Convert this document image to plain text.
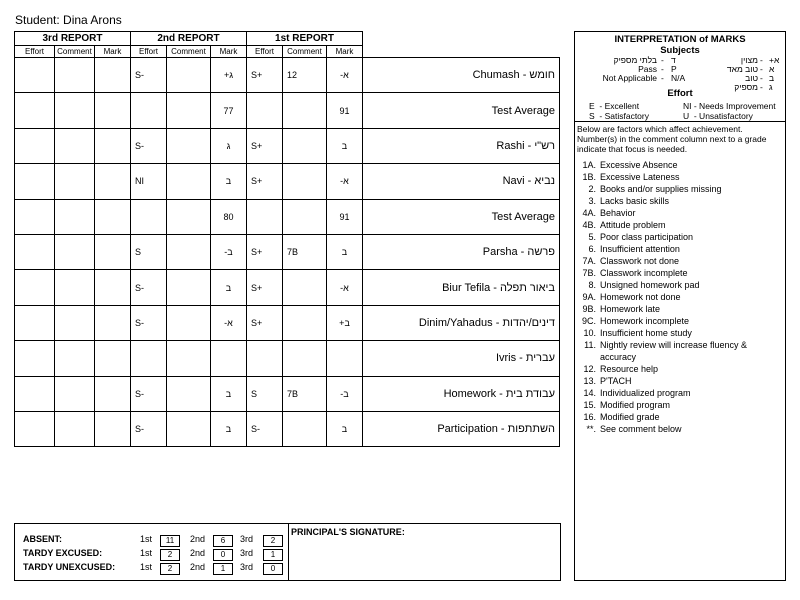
Student: Dina Arons
3rd REPORT			2nd REPORT			1st REPORT			
Effort	Comment	Mark	Effort	Comment	Mark	Effort	Comment	Mark	
			S-		+ג	S+	12	-א	Chumash - חומש
					77			91	Test Average
			S-		ג	S+		ב	Rashi - רש"י
			NI		ב	S+		-א	Navi - נביא
					80			91	Test Average
			S		-ב	S+	7B	ב	Parsha - פרשה
			S-		ב	S+		-א	Biur Tefila - ביאור תפלה
			S-		-א	S+		+ב	Dinim/Yahadus - דינים/יהדות
									Ivris - עברית
			S-		ב	S	7B	-ב	Homework - עבודת בית
			S-		ב	S-		ב	Participation - השתתפות
ABSENT:	1st	11	2nd	6	3rd	2
TARDY EXCUSED:	1st	2	2nd	0	3rd	1
TARDY UNEXCUSED:	1st	2	2nd	1	3rd	0
PRINCIPAL'S SIGNATURE:
INTERPRETATION of MARKS
Subjects
בלתי מספיק - ד
Pass - P
Not Applicable - N/A
מצוין - +א
טוב מאד - א
טוב - ב
מספיק - ג
Effort
E  - Excellent	NI - Needs Improvement
S  - Satisfactory	U  - Unsatisfactory
Below are factors which affect achievement. Number(s) in the comment column next to a grade indicate that focus is needed.
1A. Excessive Absence
1B. Excessive Lateness
2. Books and/or supplies missing
3. Lacks basic skills
4A. Behavior
4B. Attitude problem
5. Poor class participation
6. Insufficient attention
7A. Classwork not done
7B. Classwork incomplete
8. Unsigned homework pad
9A. Homework not done
9B. Homework late
9C. Homework incomplete
10. Insufficient home study
11. Nightly review will increase fluency & accuracy
12. Resource help
13. P'TACH
14. Individualized program
15. Modified program
16. Modified grade
**. See comment below
